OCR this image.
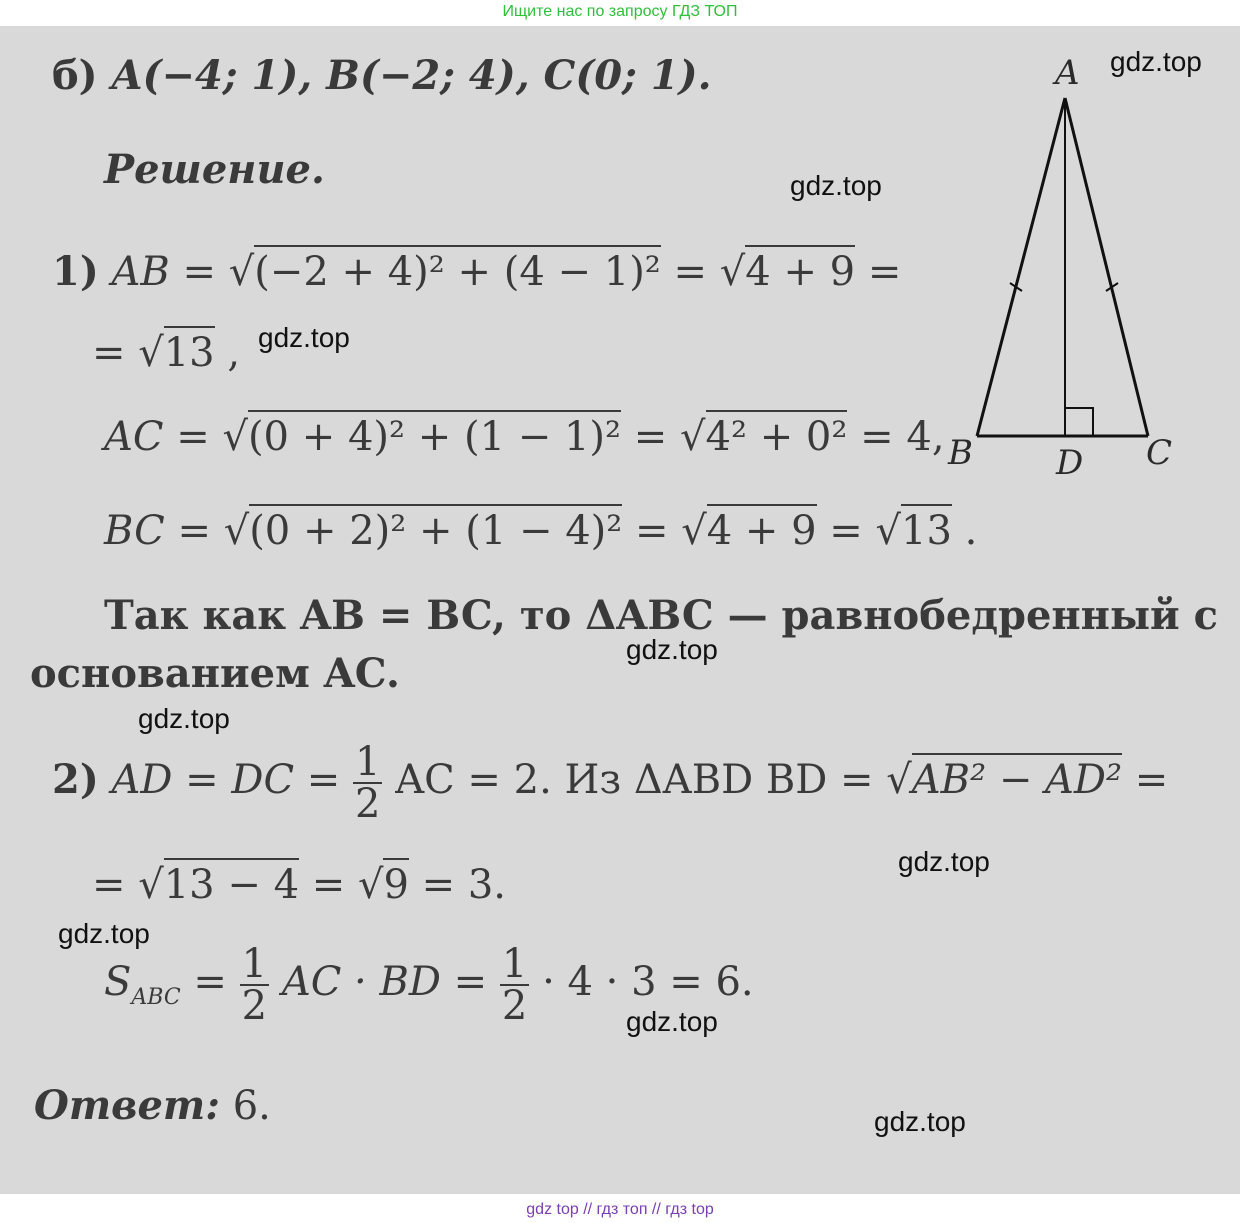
Ищите нас по запросу ГДЗ ТОП
gdz.top
gdz.top
gdz.top
gdz.top
gdz.top
gdz.top
gdz.top
gdz.top
gdz.top
б) A(−4; 1), B(−2; 4), C(0; 1).
Решение.
1) AB = √(−2 + 4)² + (4 − 1)² = √4 + 9 =
= √13 ,
AC = √(0 + 4)² + (1 − 1)² = √4² + 0² = 4,
BC = √(0 + 2)² + (1 − 4)² = √4 + 9 = √13 .
Так как AB = BC, то ΔABC — равнобедренный с
основанием AC.
2) AD = DC = $\frac{1}{2}$ AC = 2. Из ΔABD BD = √AB² − AD² =
= √13 − 4 = √9 = 3.
$S_{ABC} = \frac{1}{2}$ AC · BD = $\frac{1}{2} \cdot 4 \cdot 3 = 6$.
Ответ: 6.
A
B	C
D
gdz top // гдз топ // гдз top
